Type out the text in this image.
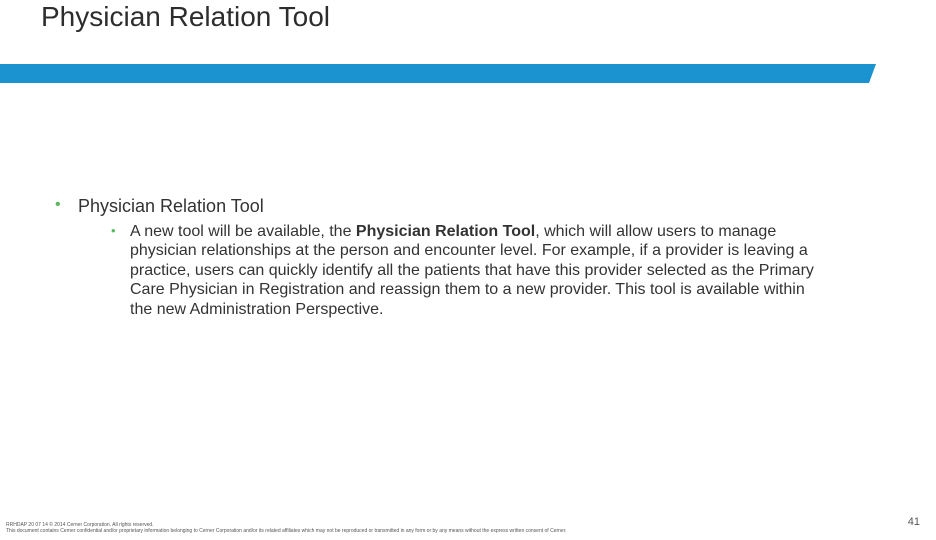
Physician Relation Tool
• Physician Relation Tool
• A new tool will be available, the Physician Relation Tool, which will allow users to manage physician relationships at the person and encounter level. For example, if a provider is leaving a practice, users can quickly identify all the patients that have this provider selected as the Primary Care Physician in Registration and reassign them to a new provider. This tool is available within the new Administration Perspective.
RRHDAP 20 07 14 © 2014 Cerner Corporation. All rights reserved.
This document contains Cerner confidential and/or proprietary information belonging to Cerner Corporation and/or its related affiliates which may not be reproduced or transmitted in any form or by any means without the express written consent of Cerner.
41
